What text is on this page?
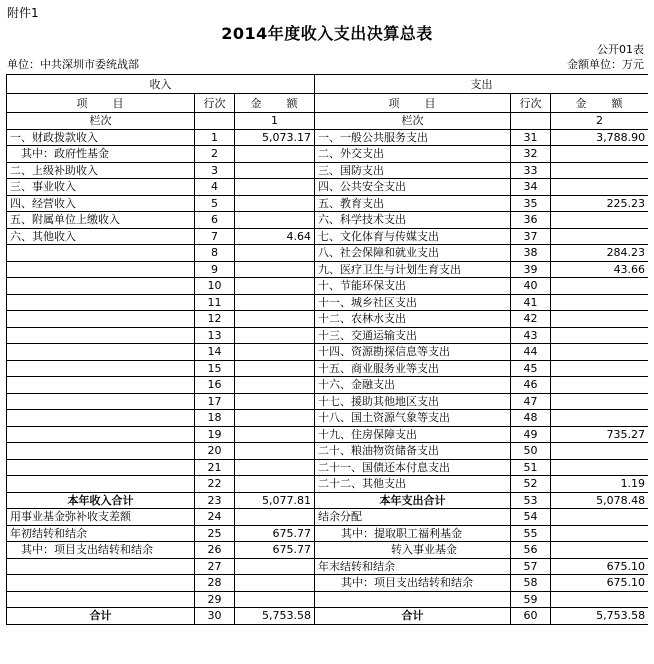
附件1
2014年度收入支出决算总表
公开01表
单位：中共深圳市委统战部	金额单位：万元
收入			支出		
项　　目	行次	金　　额	项　　目	行次	金　　额
栏次		1	栏次		2
一、财政拨款收入	1	5,073.17	一、一般公共服务支出	31	3,788.90
其中：政府性基金	2		二、外交支出	32	
二、上级补助收入	3		三、国防支出	33	
三、事业收入	4		四、公共安全支出	34	
四、经营收入	5		五、教育支出	35	225.23
五、附属单位上缴收入	6		六、科学技术支出	36	
六、其他收入	7	4.64	七、文化体育与传媒支出	37	
	8		八、社会保障和就业支出	38	284.23
	9		九、医疗卫生与计划生育支出	39	43.66
	10		十、节能环保支出	40	
	11		十一、城乡社区支出	41	
	12		十二、农林水支出	42	
	13		十三、交通运输支出	43	
	14		十四、资源勘探信息等支出	44	
	15		十五、商业服务业等支出	45	
	16		十六、金融支出	46	
	17		十七、援助其他地区支出	47	
	18		十八、国土资源气象等支出	48	
	19		十九、住房保障支出	49	735.27
	20		二十、粮油物资储备支出	50	
	21		二十一、国债还本付息支出	51	
	22		二十二、其他支出	52	1.19
本年收入合计	23	5,077.81	本年支出合计	53	5,078.48
用事业基金弥补收支差额	24		结余分配	54	
年初结转和结余	25	675.77	其中：提取职工福利基金	55	
其中：项目支出结转和结余	26	675.77	转入事业基金	56	
	27		年末结转和结余	57	675.10
	28		其中：项目支出结转和结余	58	675.10
	29			59	
合计	30	5,753.58	合计	60	5,753.58
